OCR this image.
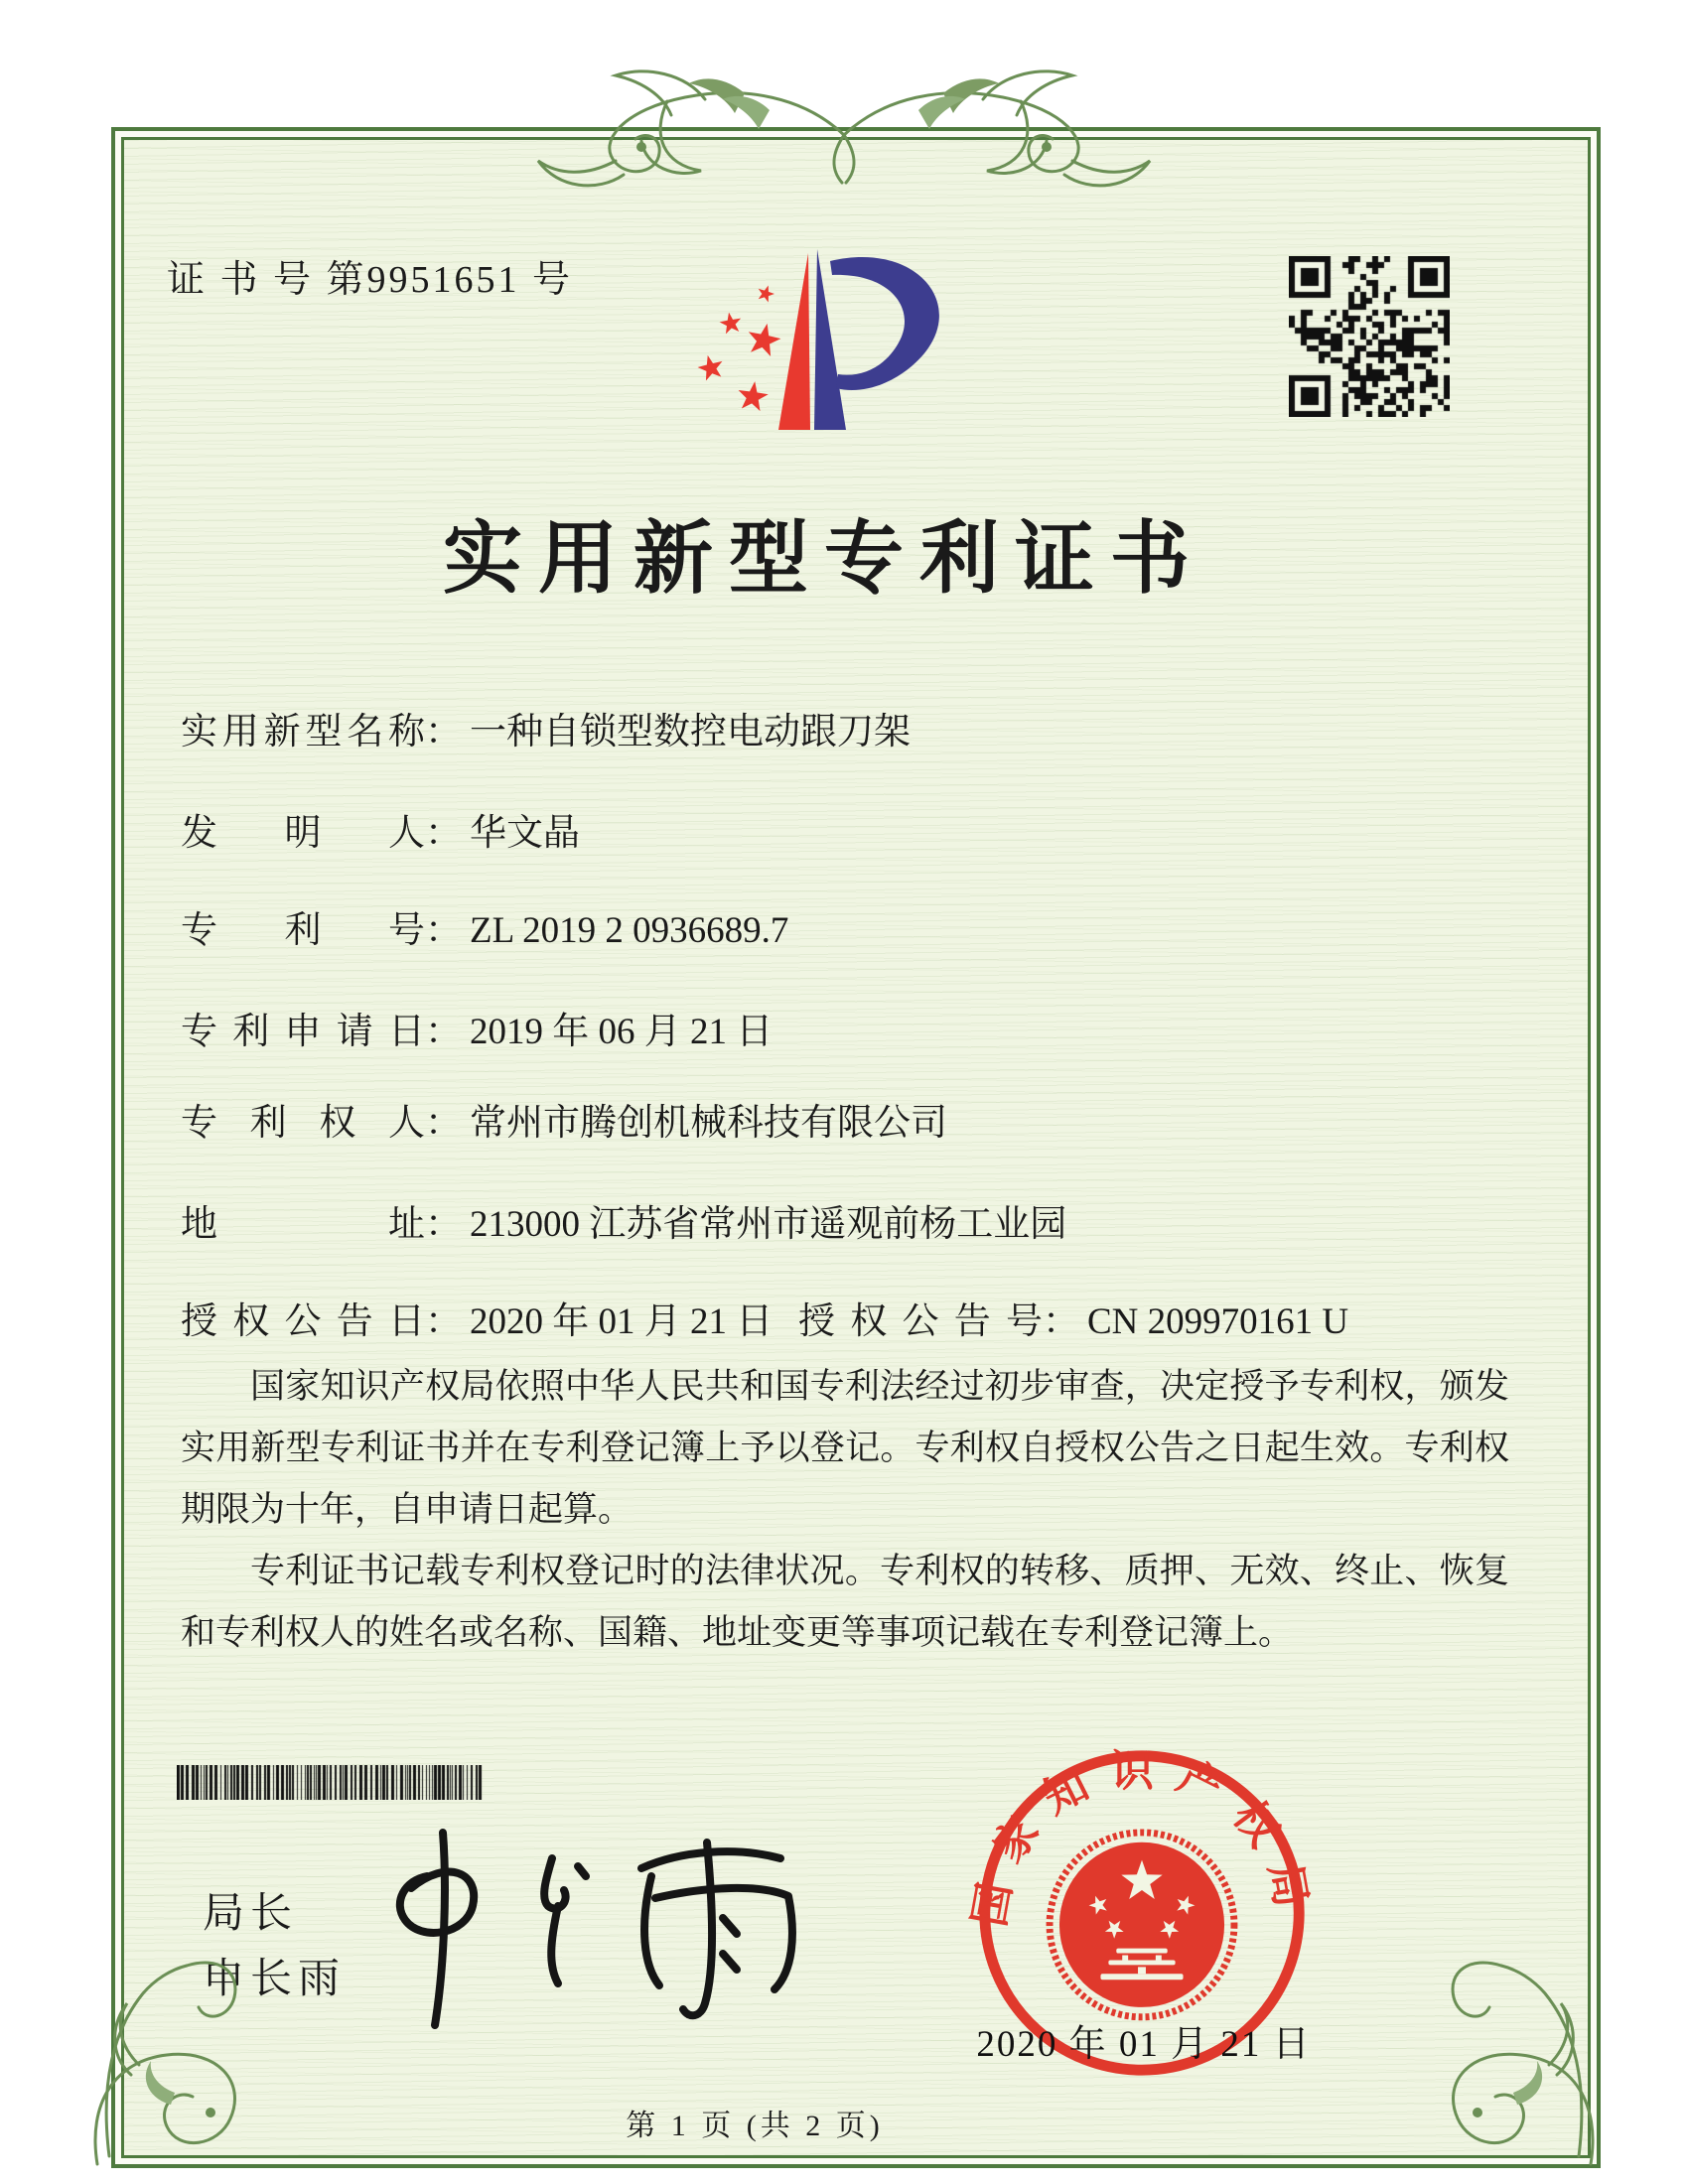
证 书 号 第9951651 号
实用新型专利证书
实用新型名称： 一种自锁型数控电动跟刀架
发明人： 华文晶
专利号： ZL 2019 2 0936689.7
专利申请日： 2019 年 06 月 21 日
专利权人： 常州市腾创机械科技有限公司
地址： 213000 江苏省常州市遥观前杨工业园
授权公告日： 2020 年 01 月 21 日 授权公告号： CN 209970161 U

国家知识产权局依照中华人民共和国专利法经过初步审查，决定授予专利权，颁发实用新型专利证书并在专利登记簿上予以登记。专利权自授权公告之日起生效。专利权期限为十年，自申请日起算。

专利证书记载专利权登记时的法律状况。专利权的转移、质押、无效、终止、恢复和专利权人的姓名或名称、国籍、地址变更等事项记载在专利登记簿上。

局长
申长雨
国家知识产权局
2020 年 01 月 21 日
第 1 页 (共 2 页)
